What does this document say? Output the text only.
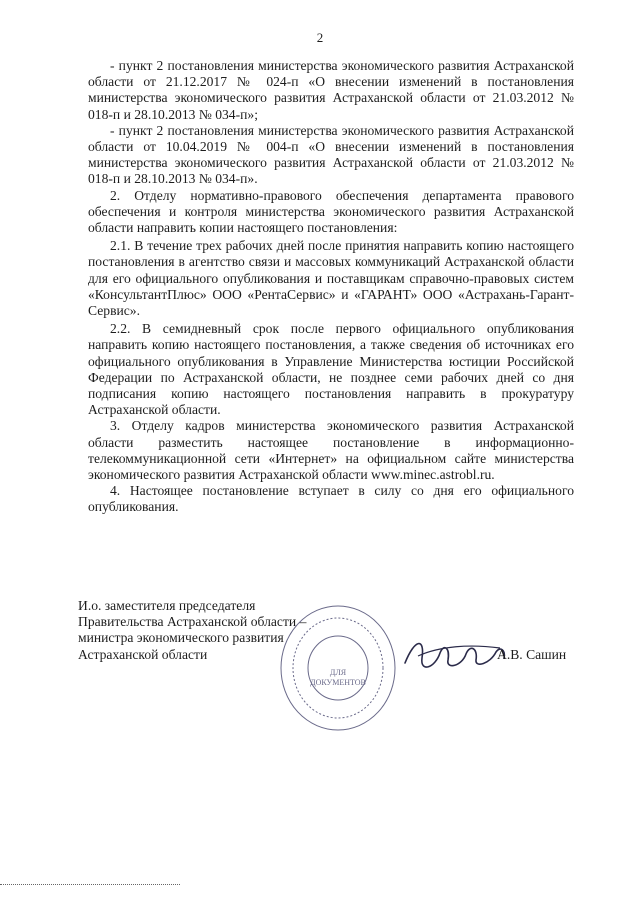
2

- пункт 2 постановления министерства экономического развития Астраханской области от 21.12.2017 № 024-п «О внесении изменений в постановления министерства экономического развития Астраханской области от 21.03.2012 № 018-п и 28.10.2013 № 034-п»;

- пункт 2 постановления министерства экономического развития Астраханской области от 10.04.2019 № 004-п «О внесении изменений в постановления министерства экономического развития Астраханской области от 21.03.2012 № 018-п и 28.10.2013 № 034-п».

2. Отделу нормативно-правового обеспечения департамента правового обеспечения и контроля министерства экономического развития Астраханской области направить копии настоящего постановления:

2.1. В течение трех рабочих дней после принятия направить копию настоящего постановления в агентство связи и массовых коммуникаций Астраханской области для его официального опубликования и поставщикам справочно-правовых систем «КонсультантПлюс» ООО «РентаСервис» и «ГАРАНТ» ООО «Астрахань-Гарант-Сервис».

2.2. В семидневный срок после первого официального опубликования направить копию настоящего постановления, а также сведения об источниках его официального опубликования в Управление Министерства юстиции Российской Федерации по Астраханской области, не позднее семи рабочих дней со дня подписания копию настоящего постановления направить в прокуратуру Астраханской области.

3. Отделу кадров министерства экономического развития Астраханской области разместить настоящее постановление в информационно-телекоммуникационной сети «Интернет» на официальном сайте министерства экономического развития Астраханской области www.minec.astrobl.ru.

4. Настоящее постановление вступает в силу со дня его официального опубликования.

И.о. заместителя председателя
Правительства Астраханской области –
министра экономического развития
Астраханской области
ДЛЯ
ДОКУМЕНТОВ
А.В. Сашин
